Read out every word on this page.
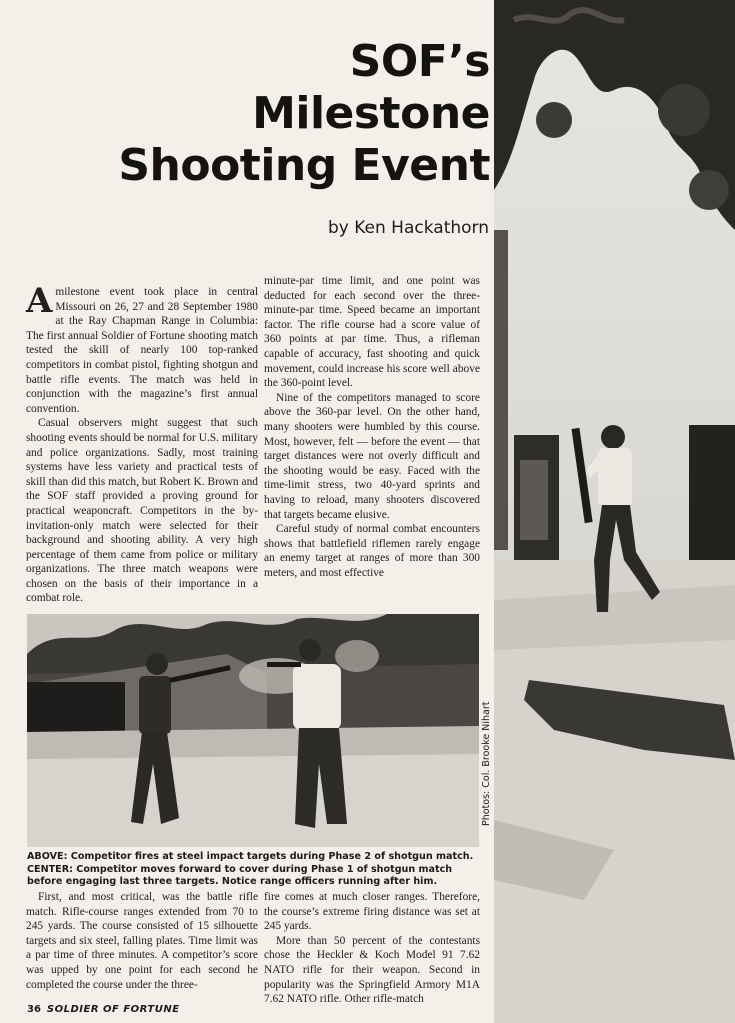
SOF’s
Milestone
Shooting Event
by Ken Hackathorn

Amilestone event took place in central Missouri on 26, 27 and 28 September 1980 at the Ray Chapman Range in Columbia: The first annual Soldier of Fortune shooting match tested the skill of nearly 100 top-ranked competitors in combat pistol, fighting shotgun and battle rifle events. The match was held in conjunction with the magazine’s first annual convention.

Casual observers might suggest that such shooting events should be normal for U.S. military and police organizations. Sadly, most training systems have less variety and practical tests of skill than did this match, but Robert K. Brown and the SOF staff provided a proving ground for practical weaponcraft. Competitors in the by-invitation-only match were selected for their background and shooting ability. A very high percentage of them came from police or military organizations. The three match weapons were chosen on the basis of their importance in a combat role.

minute-par time limit, and one point was deducted for each second over the three-minute-par time. Speed became an important factor. The rifle course had a score value of 360 points at par time. Thus, a rifleman capable of accuracy, fast shooting and quick movement, could increase his score well above the 360-point level.

Nine of the competitors managed to score above the 360-par level. On the other hand, many shooters were humbled by this course. Most, however, felt — before the event — that target distances were not overly difficult and the shooting would be easy. Faced with the time-limit stress, two 40-yard sprints and having to reload, many shooters discovered that targets became elusive.

Careful study of normal combat encounters shows that battlefield riflemen rarely engage an enemy target at ranges of more than 300 meters, and most effective

Photos: Col. Brooke Nihart
ABOVE: Competitor fires at steel impact targets during Phase 2 of shotgun match. CENTER: Competitor moves forward to cover during Phase 1 of shotgun match before engaging last three targets. Notice range officers running after him.

First, and most critical, was the battle rifle match. Rifle-course ranges extended from 70 to 245 yards. The course consisted of 15 silhouette targets and six steel, falling plates. Time limit was a par time of three minutes. A competitor’s score was upped by one point for each second he completed the course under the three-

fire comes at much closer ranges. Therefore, the course’s extreme firing distance was set at 245 yards.

More than 50 percent of the contestants chose the Heckler & Koch Model 91 7.62 NATO rifle for their weapon. Second in popularity was the Springfield Armory M1A 7.62 NATO rifle. Other rifle-match

36 SOLDIER OF FORTUNE
